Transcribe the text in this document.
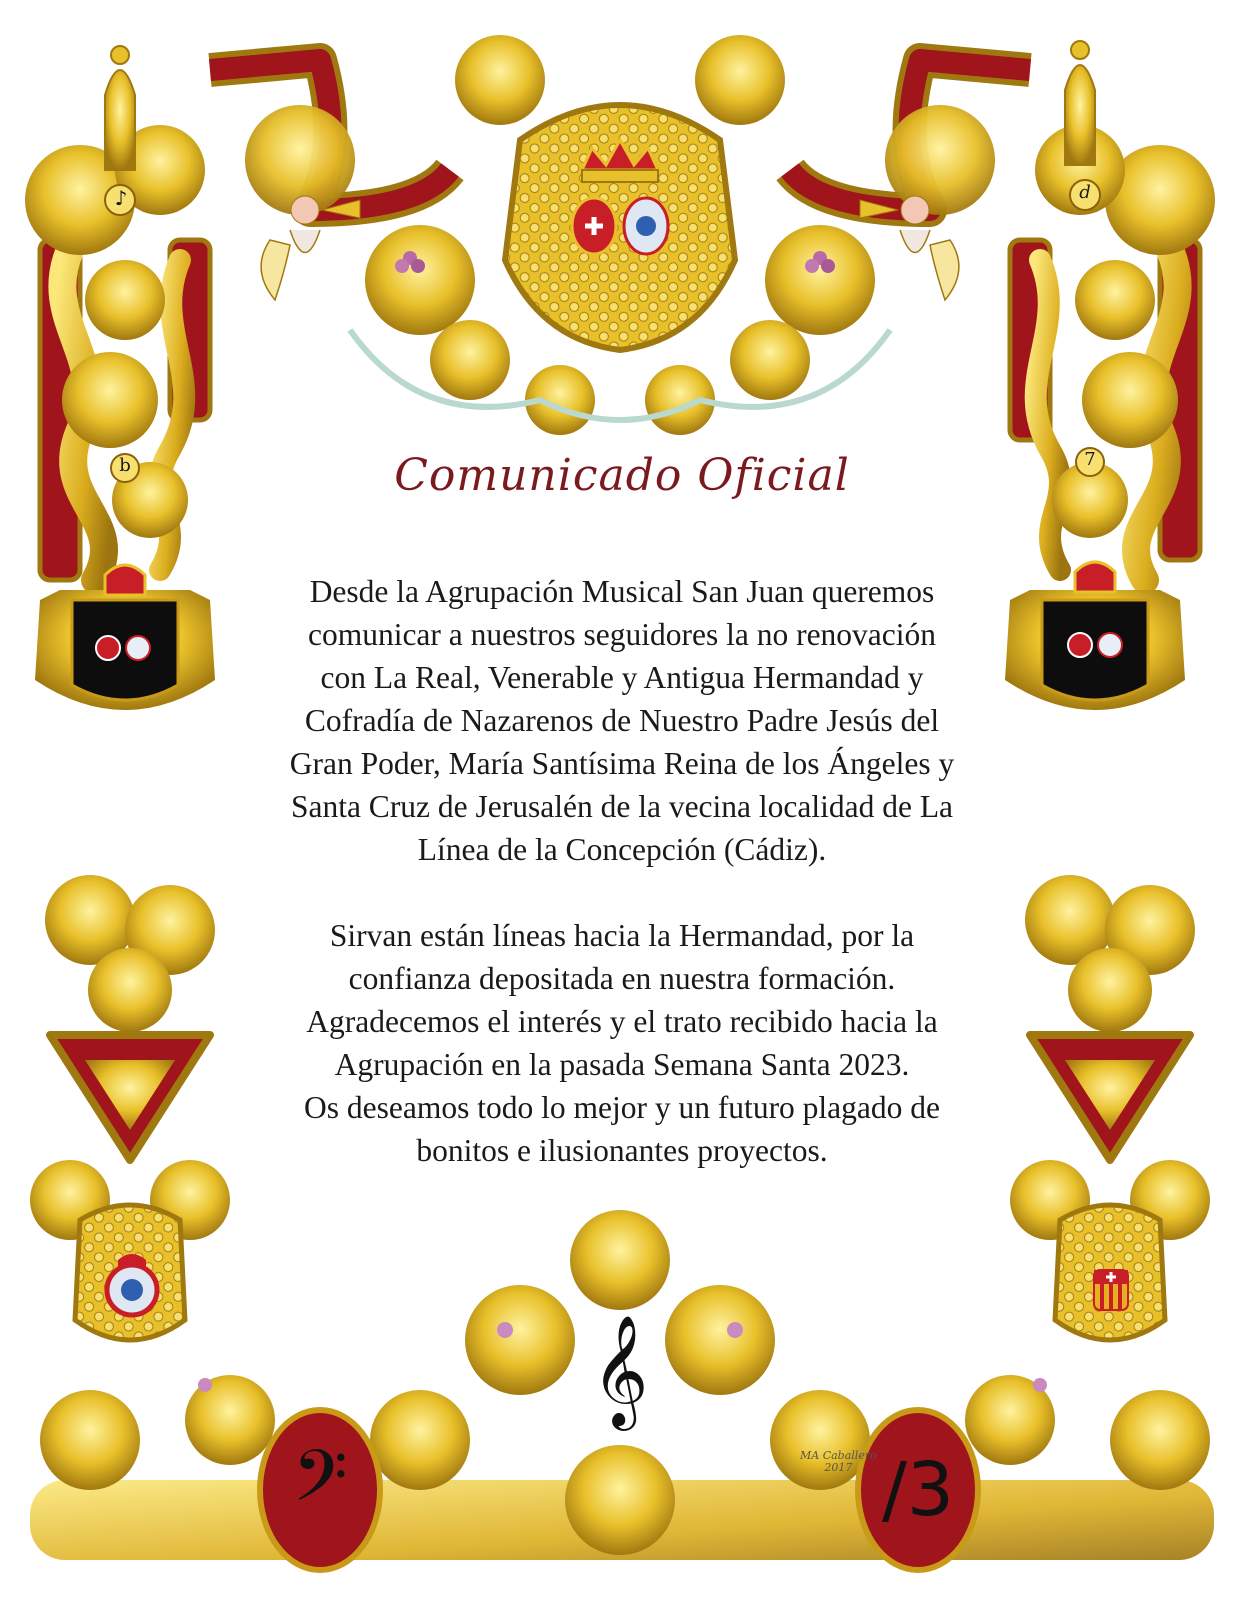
♪	d
b	7
𝄢
𝄞
/3
Comunicado Oficial

Desde la Agrupación Musical San Juan queremos
comunicar a nuestros seguidores la no renovación
con La Real, Venerable y Antigua Hermandad y
Cofradía de Nazarenos de Nuestro Padre Jesús del
Gran Poder, María Santísima Reina de los Ángeles y
Santa Cruz de Jerusalén de la vecina localidad de La
Línea de la Concepción (Cádiz).

Sirvan están líneas hacia la Hermandad, por la
confianza depositada en nuestra formación.
Agradecemos el interés y el trato recibido hacia la
Agrupación en la pasada Semana Santa 2023.
Os deseamos todo lo mejor y un futuro plagado de
bonitos e ilusionantes proyectos.

MA Caballero
2017
